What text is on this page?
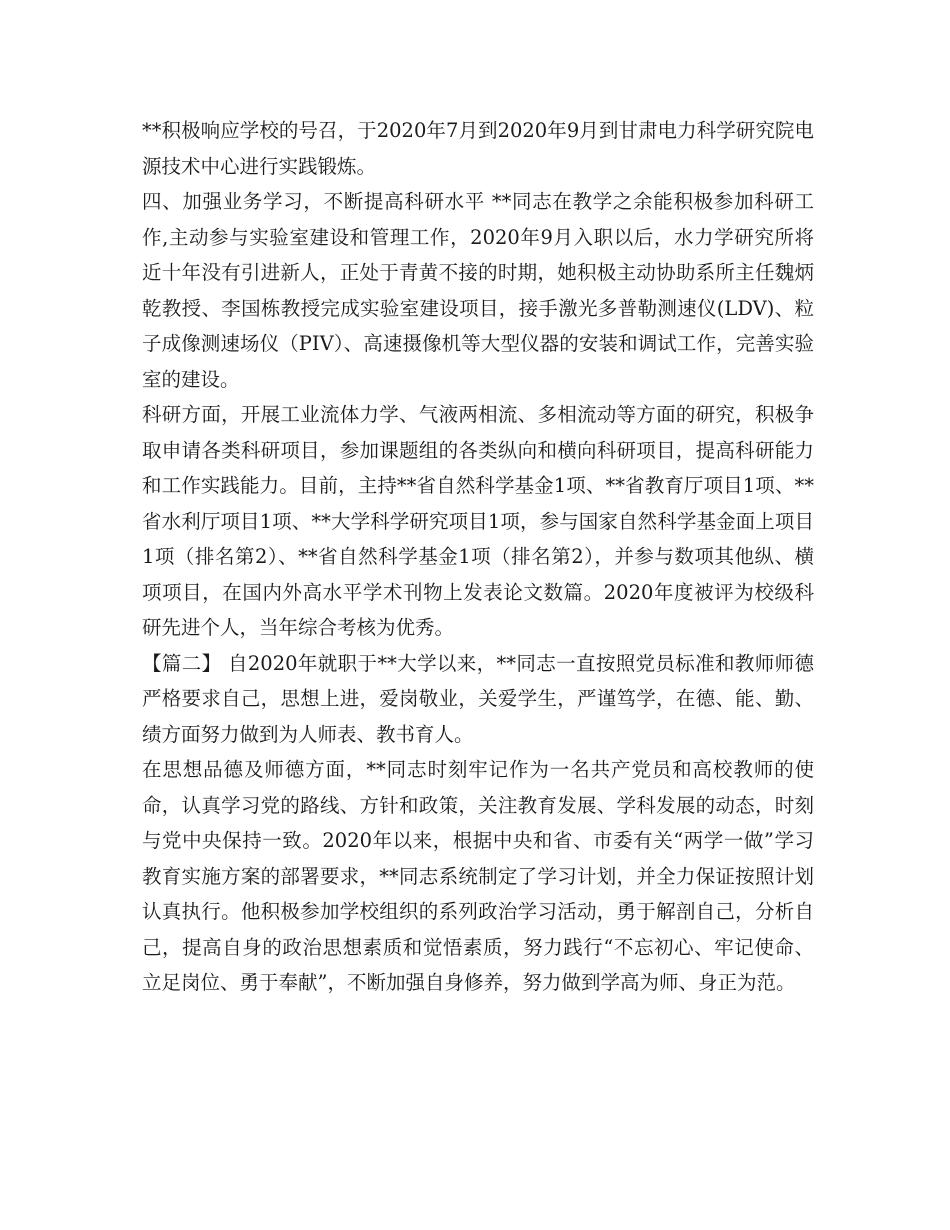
**积极响应学校的号召，于2020年7月到2020年9月到甘肃电力科学研究院电源技术中心进行实践锻炼。

四、加强业务学习，不断提高科研水平 **同志在教学之余能积极参加科研工作,主动参与实验室建设和管理工作，2020年9月入职以后，水力学研究所将近十年没有引进新人，正处于青黄不接的时期，她积极主动协助系所主任魏炳乾教授、李国栋教授完成实验室建设项目，接手激光多普勒测速仪(LDV)、粒子成像测速场仪（PIV）、高速摄像机等大型仪器的安装和调试工作，完善实验室的建设。

科研方面，开展工业流体力学、气液两相流、多相流动等方面的研究，积极争取申请各类科研项目，参加课题组的各类纵向和横向科研项目，提高科研能力和工作实践能力。目前，主持**省自然科学基金1项、**省教育厅项目1项、**省水利厅项目1项、**大学科学研究项目1项，参与国家自然科学基金面上项目1项（排名第2）、**省自然科学基金1项（排名第2），并参与数项其他纵、横项项目，在国内外高水平学术刊物上发表论文数篇。2020年度被评为校级科研先进个人，当年综合考核为优秀。

【篇二】 自2020年就职于**大学以来，**同志一直按照党员标准和教师师德严格要求自己，思想上进，爱岗敬业，关爱学生，严谨笃学，在德、能、勤、绩方面努力做到为人师表、教书育人。

在思想品德及师德方面，**同志时刻牢记作为一名共产党员和高校教师的使命，认真学习党的路线、方针和政策，关注教育发展、学科发展的动态，时刻与党中央保持一致。2020年以来，根据中央和省、市委有关“两学一做”学习教育实施方案的部署要求，**同志系统制定了学习计划，并全力保证按照计划认真执行。他积极参加学校组织的系列政治学习活动，勇于解剖自己，分析自己，提高自身的政治思想素质和觉悟素质，努力践行“不忘初心、牢记使命、立足岗位、勇于奉献”，不断加强自身修养，努力做到学高为师、身正为范。
